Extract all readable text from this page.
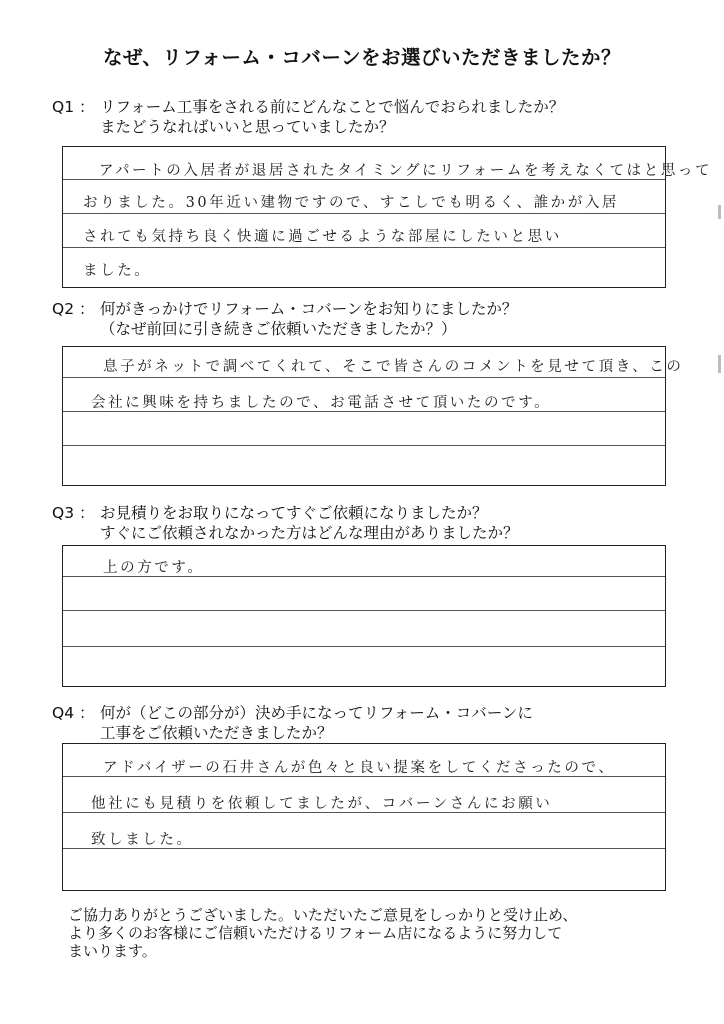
なぜ、リフォーム・コバーンをお選びいただきましたか？
Q1 ： リフォーム工事をされる前にどんなことで悩んでおられましたか？
またどうなればいいと思っていましたか？
アパートの入居者が退居されたタイミングにリフォームを考えなくてはと思って
おりました。30年近い建物ですので、すこしでも明るく、誰かが入居
されても気持ち良く快適に過ごせるような部屋にしたいと思い
ました。
Q2 ： 何がきっかけでリフォーム・コバーンをお知りにましたか？
（なぜ前回に引き続きご依頼いただきましたか？）
息子がネットで調べてくれて、そこで皆さんのコメントを見せて頂き、この
会社に興味を持ちましたので、お電話させて頂いたのです。
Q3 ： お見積りをお取りになってすぐご依頼になりましたか？
すぐにご依頼されなかった方はどんな理由がありましたか？
上の方です。
Q4 ： 何が（どこの部分が）決め手になってリフォーム・コバーンに
工事をご依頼いただきましたか？
アドバイザーの石井さんが色々と良い提案をしてくださったので、
他社にも見積りを依頼してましたが、コバーンさんにお願い
致しました。
ご協力ありがとうございました。いただいたご意見をしっかりと受け止め、
より多くのお客様にご信頼いただけるリフォーム店になるように努力して
まいります。
